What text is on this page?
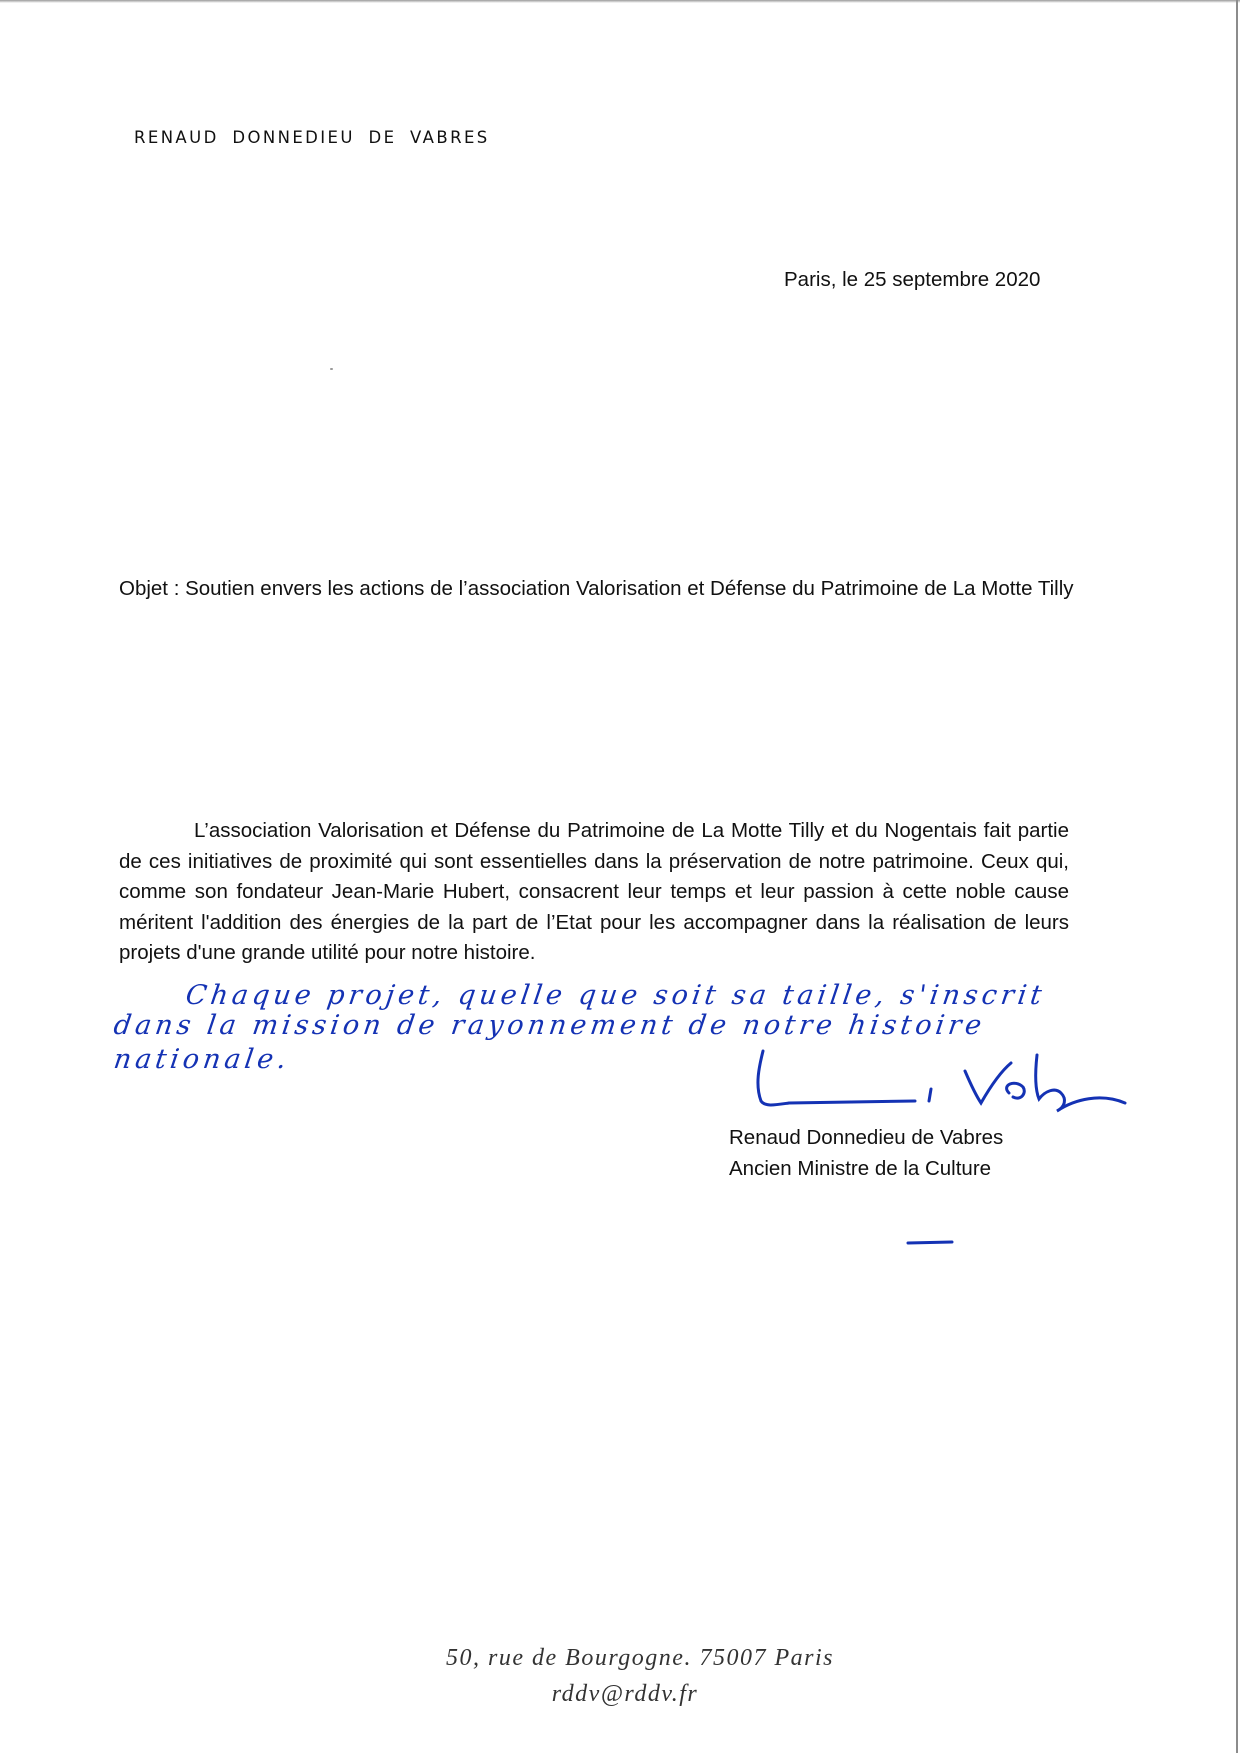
RENAUD DONNEDIEU DE VABRES
Paris, le 25 septembre 2020
Objet : Soutien envers les actions de l’association Valorisation et Défense du Patrimoine de La Motte Tilly
L’association Valorisation et Défense du Patrimoine de La Motte Tilly et du Nogentais fait partie de ces initiatives de proximité qui sont essentielles dans la préservation de notre patrimoine. Ceux qui, comme son fondateur Jean-Marie Hubert, consacrent leur temps et leur passion à cette noble cause méritent l'addition des énergies de la part de l’Etat pour les accompagner dans la réalisation de leurs projets d'une grande utilité pour notre histoire.
Chaque projet, quelle que soit sa taille, s'inscrit
dans la mission de rayonnement de notre histoire
nationale.
Renaud Donnedieu de Vabres
Ancien Ministre de la Culture
50, rue de Bourgogne. 75007 Paris
rddv@rddv.fr
